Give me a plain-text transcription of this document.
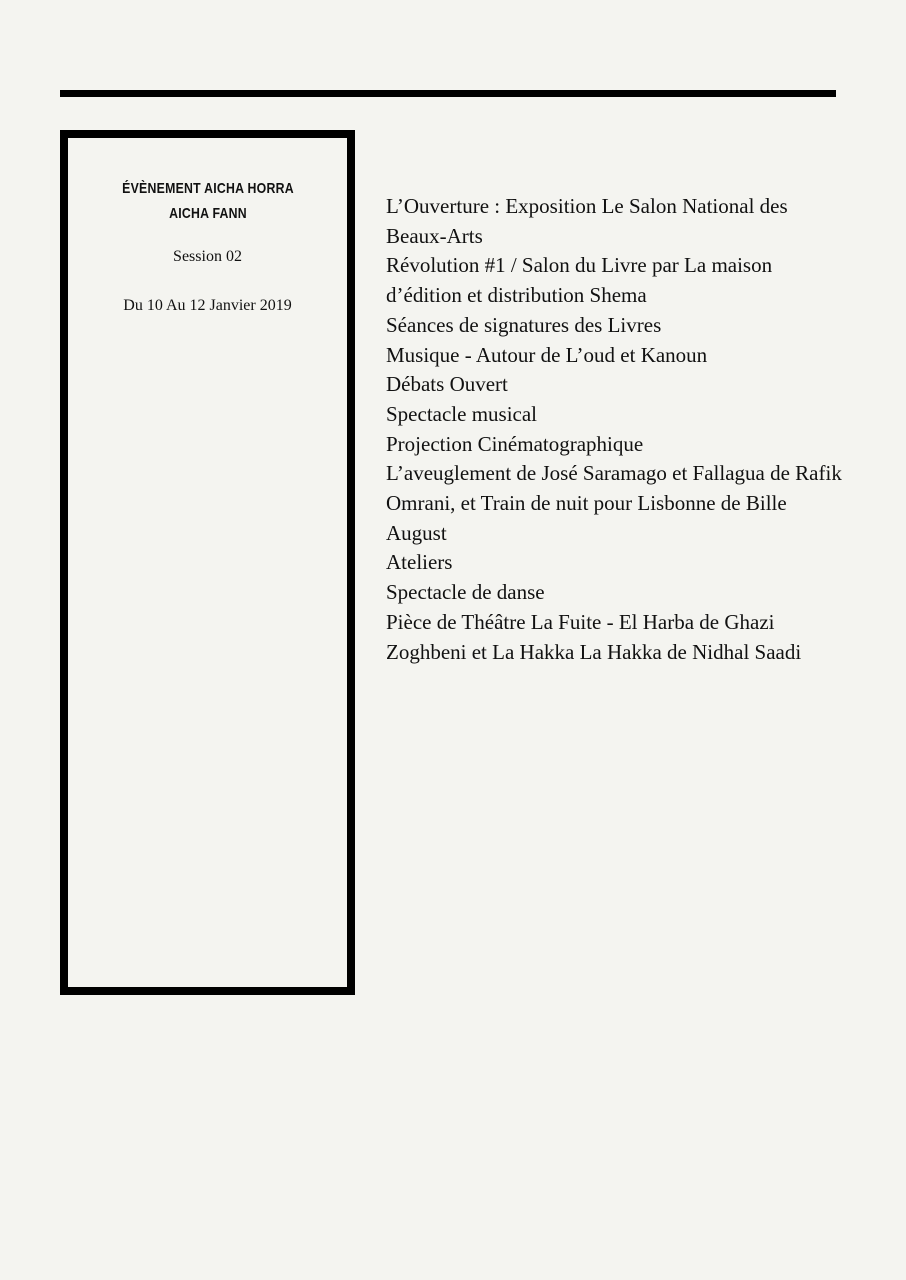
ÉVÈNEMENT AICHA HORRA AICHA FANN
Session 02
Du 10 Au 12 Janvier 2019
L’Ouverture : Exposition Le Salon National des Beaux-Arts
Révolution #1 / Salon du Livre par La maison d’édition et distribution Shema
Séances de signatures des Livres
Musique - Autour de L’oud et Kanoun
Débats Ouvert
Spectacle musical
Projection Cinématographique
L’aveuglement de José Saramago et Fallagua de Rafik Omrani, et Train de nuit pour Lisbonne de Bille August
Ateliers
Spectacle de danse
Pièce de Théâtre La Fuite - El Harba de Ghazi Zoghbeni et La Hakka La Hakka de Nidhal Saadi
